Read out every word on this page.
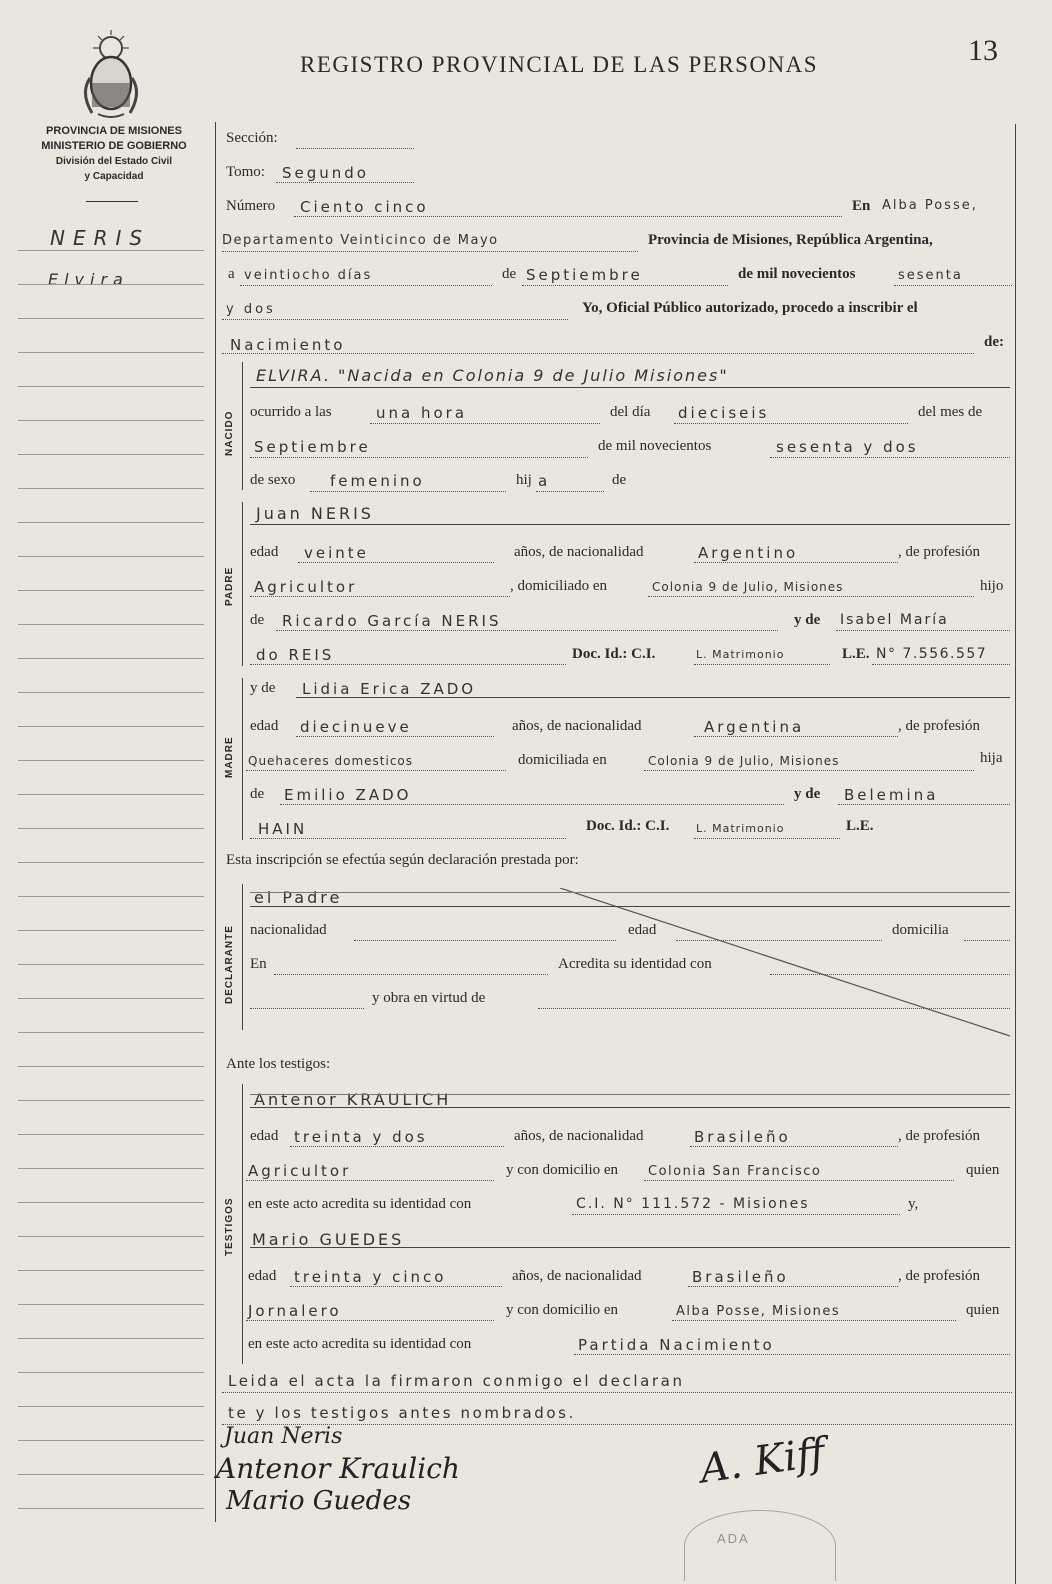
REGISTRO PROVINCIAL DE LAS PERSONAS	13
PROVINCIA DE MISIONES
MINISTERIO DE GOBIERNO
División del Estado Civil
y Capacidad
NERIS
Elvira
NACIDO
PADRE
MADRE
DECLARANTE
TESTIGOS
Sección:
Tomo: Segundo
Número Ciento cinco	En Alba Posse,
Departamento Veinticinco de Mayo	Provincia de Misiones, República Argentina,
a veintiocho días	de Septiembre	de mil novecientos	sesenta
y dos	Yo, Oficial Público autorizado, procedo a inscribir el
Nacimiento	de:
ELVIRA. "Nacida en Colonia 9 de Julio Misiones"
ocurrido a las	una hora	del día dieciseis	del mes de
Septiembre	de mil novecientos	sesenta y dos
de sexo femenino	hij a	de
Juan NERIS
edad veinte	años, de nacionalidad	Argentino	, de profesión
Agricultor	, domiciliado en	Colonia 9 de Julio, Misiones	hijo
de Ricardo García NERIS	y de Isabel María
do REIS	Doc. Id.: C.I.	L. Matrimonio	L.E. N° 7.556.557
y de Lidia Erica ZADO
edad diecinueve	años, de nacionalidad	Argentina	, de profesión
Quehaceres domesticos	domiciliada en	Colonia 9 de Julio, Misiones	hija
de Emilio ZADO	y de Belemina
HAIN	Doc. Id.: C.I. L. Matrimonio	L.E.
Esta inscripción se efectúa según declaración prestada por:
el Padre
nacionalidad	edad	domicilia
En	Acredita su identidad con
y obra en virtud de
Ante los testigos:
Antenor KRAULICH
edad treinta y dos	años, de nacionalidad	Brasileño	, de profesión
Agricultor	y con domicilio en Colonia San Francisco	quien
en este acto acredita su identidad con	C.I. N° 111.572 - Misiones	y,
Mario GUEDES
edad treinta y cinco	años, de nacionalidad	Brasileño	, de profesión
Jornalero	y con domicilio en	Alba Posse, Misiones	quien
en este acto acredita su identidad con	Partida Nacimiento
Leida el acta la firmaron conmigo el declaran
te y los testigos antes nombrados.
Juan Neris
Antenor Kraulich
Mario Guedes
A. Kiff
ADA
